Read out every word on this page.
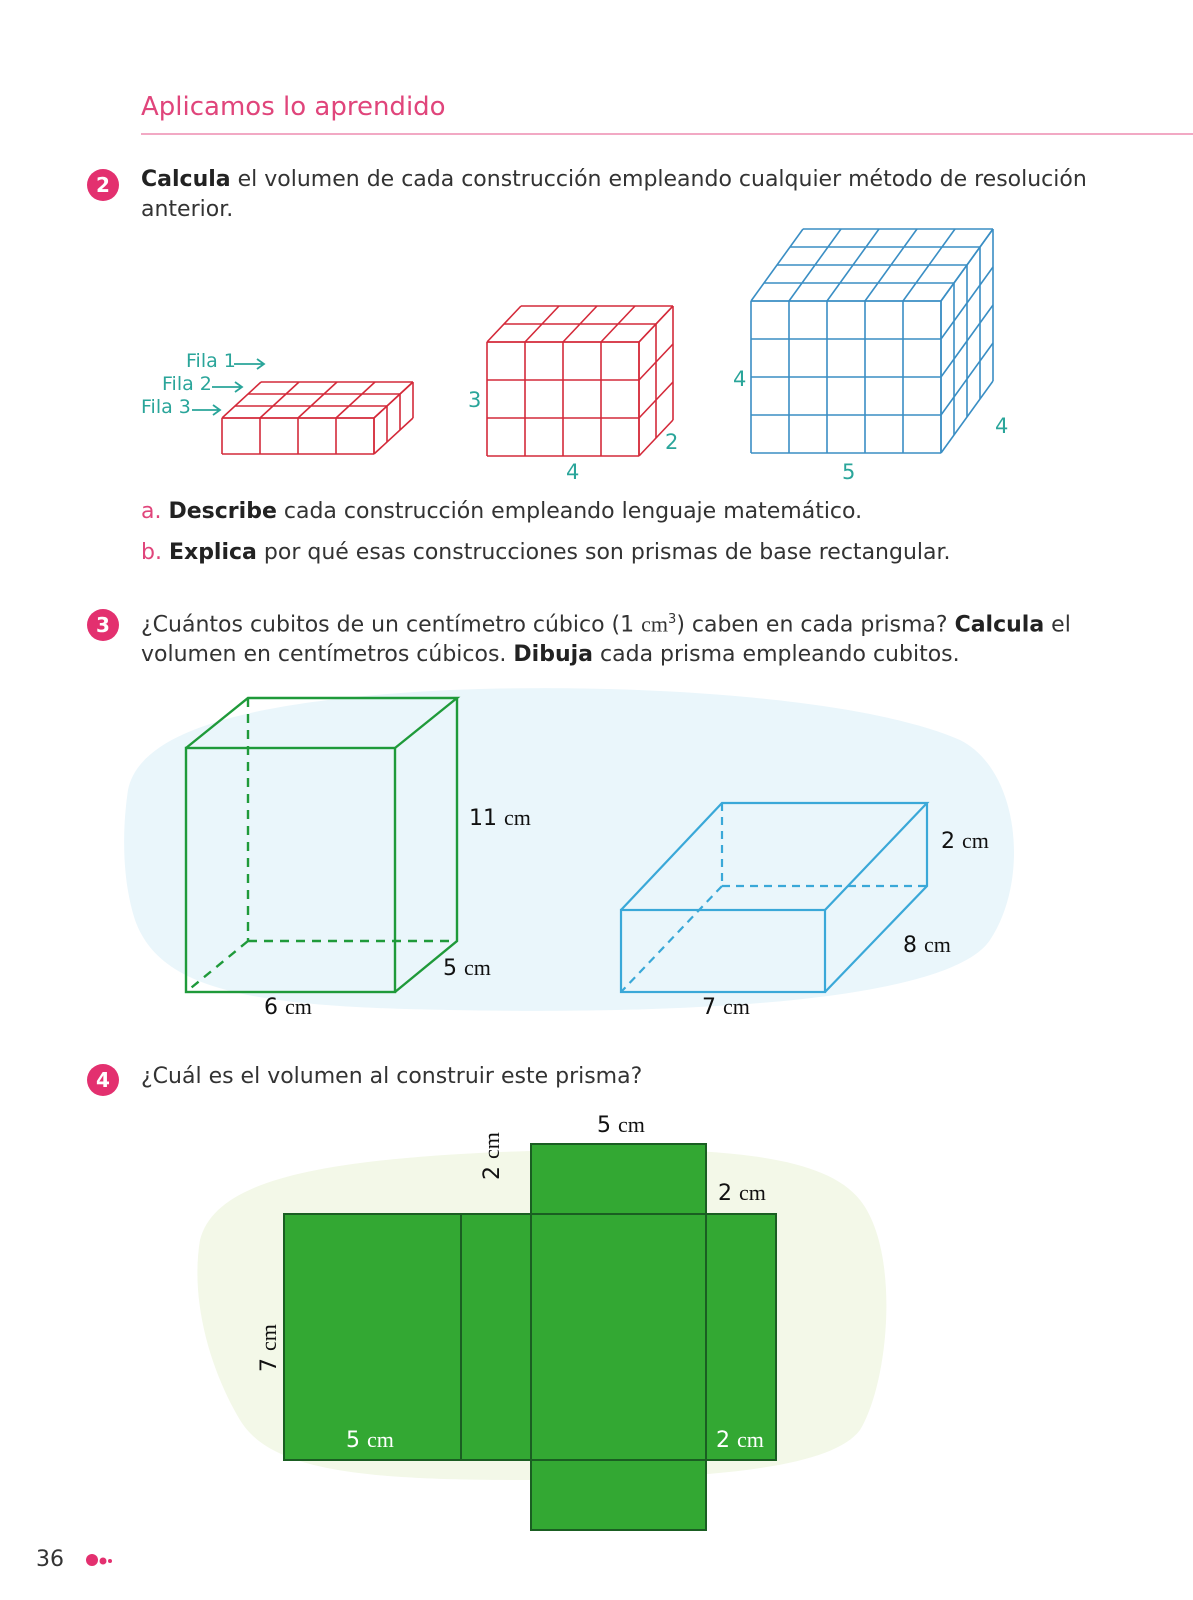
Aplicamos lo aprendido
2	Calcula el volumen de cada construcción empleando cualquier método de resolución
anterior.
Fila 1
Fila 2
Fila 3	3
4
2
4
5
4
a. Describe cada construcción empleando lenguaje matemático.
b. Explica por qué esas construcciones son prismas de base rectangular.
3	¿Cuántos cubitos de un centímetro cúbico (1 $cm^3$) caben en cada prisma? Calcula el
volumen en centímetros cúbicos. Dibuja cada prisma empleando cubitos.
11 cm
5 cm
6 cm
2 cm
8 cm
7 cm
4	¿Cuál es el volumen al construir este prisma?
5 cm
2 cm
2 cm
7 cm
5 cm	2 cm
36
